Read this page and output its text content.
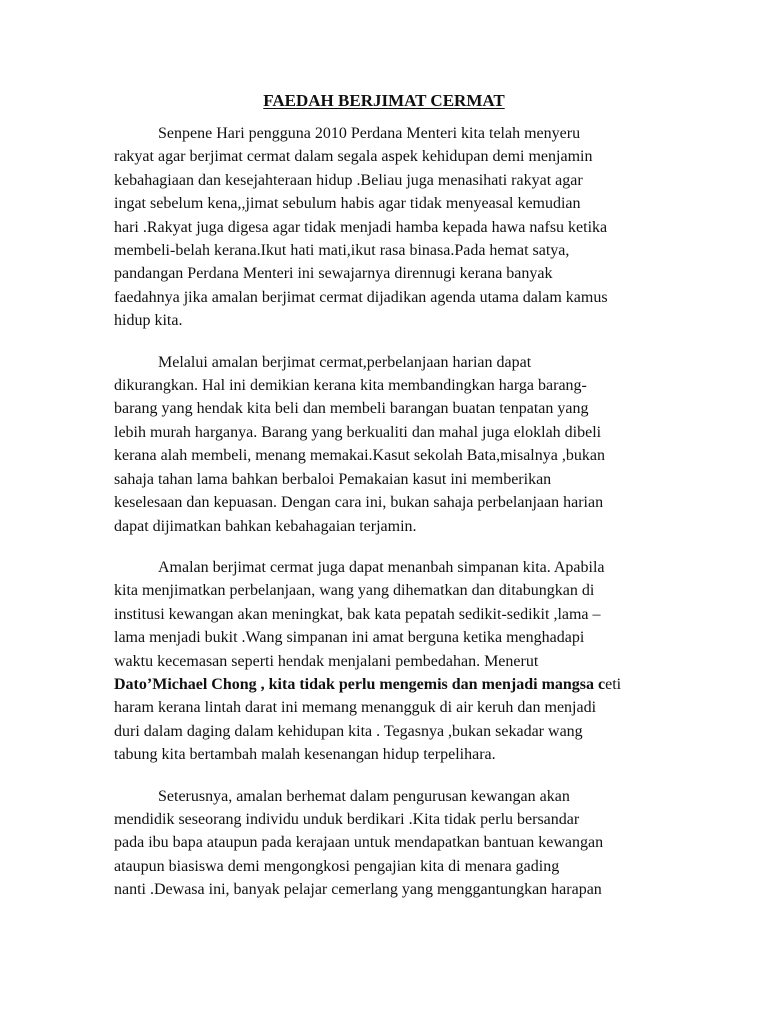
FAEDAH BERJIMAT CERMAT
Senpene Hari pengguna 2010 Perdana Menteri kita telah menyeru
rakyat agar berjimat cermat dalam segala aspek kehidupan demi menjamin
kebahagiaan dan kesejahteraan hidup .Beliau juga menasihati rakyat agar
ingat sebelum kena,,jimat sebulum habis agar tidak menyeasal kemudian
hari .Rakyat juga digesa agar tidak menjadi hamba kepada hawa nafsu ketika
membeli-belah kerana.Ikut hati mati,ikut rasa binasa.Pada hemat satya,
pandangan Perdana Menteri ini sewajarnya dirennugi kerana banyak
faedahnya jika amalan berjimat cermat dijadikan agenda utama dalam kamus
hidup kita.
Melalui amalan berjimat cermat,perbelanjaan harian dapat
dikurangkan. Hal ini demikian kerana kita membandingkan harga barang-
barang yang hendak kita beli dan membeli barangan buatan tenpatan yang
lebih murah harganya. Barang yang berkualiti dan mahal juga eloklah dibeli
kerana alah membeli, menang memakai.Kasut sekolah Bata,misalnya ,bukan
sahaja tahan lama bahkan berbaloi Pemakaian kasut ini memberikan
keselesaan dan kepuasan. Dengan cara ini, bukan sahaja perbelanjaan harian
dapat dijimatkan bahkan kebahagaian terjamin.
Amalan berjimat cermat juga dapat menanbah simpanan kita. Apabila
kita menjimatkan perbelanjaan, wang yang dihematkan dan ditabungkan di
institusi kewangan akan meningkat, bak kata pepatah sedikit-sedikit ,lama –
lama menjadi bukit .Wang simpanan ini amat berguna ketika menghadapi
waktu kecemasan seperti hendak menjalani pembedahan. Menerut
Dato’Michael Chong , kita tidak perlu mengemis dan menjadi mangsa ceti
haram kerana lintah darat ini memang menangguk di air keruh dan menjadi
duri dalam daging dalam kehidupan kita . Tegasnya ,bukan sekadar wang
tabung kita bertambah malah kesenangan hidup terpelihara.
Seterusnya, amalan berhemat dalam pengurusan kewangan akan
mendidik seseorang individu unduk berdikari .Kita tidak perlu bersandar
pada ibu bapa ataupun pada kerajaan untuk mendapatkan bantuan kewangan
ataupun biasiswa demi mengongkosi pengajian kita di menara gading
nanti .Dewasa ini, banyak pelajar cemerlang yang menggantungkan harapan
